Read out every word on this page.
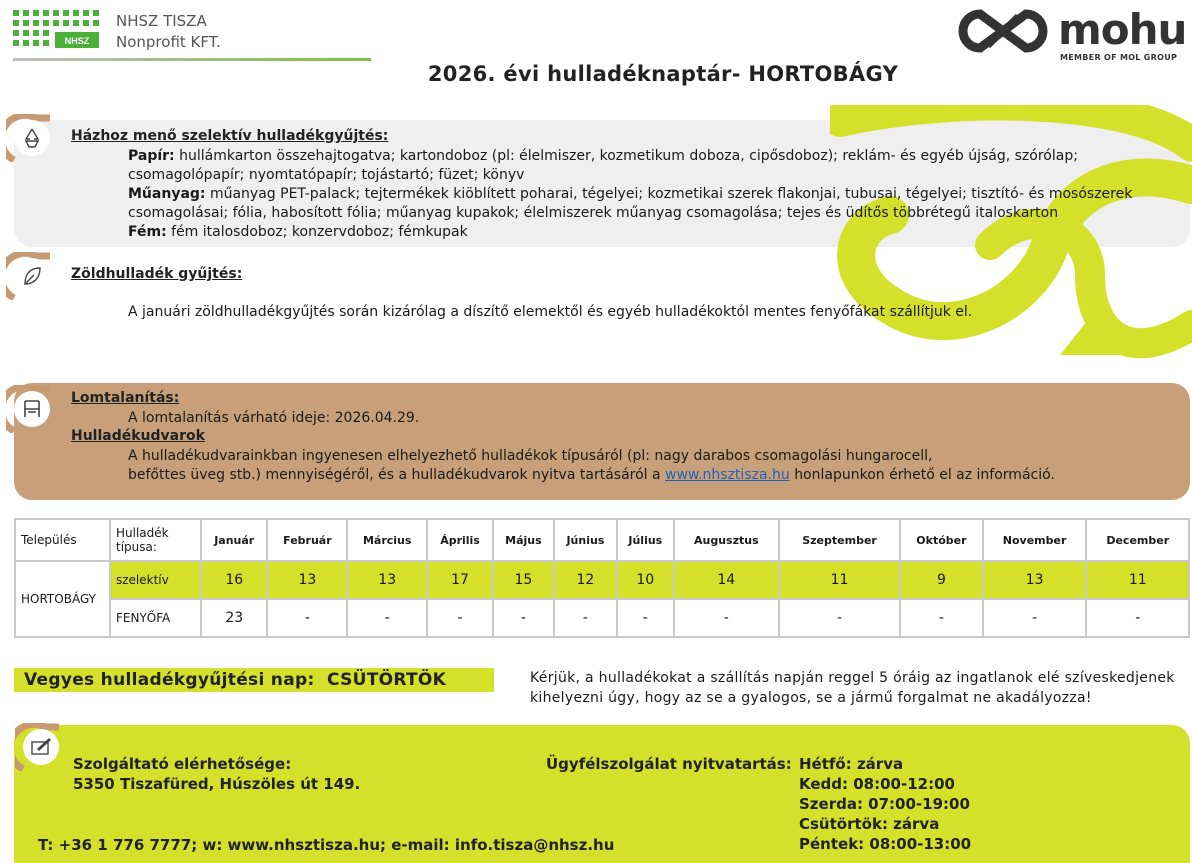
NHSZ
NHSZ TISZA
Nonprofit KFT.	mohu
MEMBER OF MOL GROUP
2026. évi hulladéknaptár- HORTOBÁGY
Házhoz menő szelektív hulladékgyűjtés:
Papír: hullámkarton összehajtogatva; kartondoboz (pl: élelmiszer, kozmetikum doboza, cipősdoboz); reklám- és egyéb újság, szórólap; csomagolópapír; nyomtatópapír; tojástartó; füzet; könyv
Műanyag: műanyag PET-palack; tejtermékek kiöblített poharai, tégelyei; kozmetikai szerek flakonjai, tubusai, tégelyei; tisztító- és mosószerek csomagolásai; fólia, habosított fólia; műanyag kupakok; élelmiszerek műanyag csomagolása; tejes és üdítős többrétegű italoskarton
Fém: fém italosdoboz; konzervdoboz; fémkupak
Zöldhulladék gyűjtés:
A januári zöldhulladékgyűjtés során kizárólag a díszítő elemektől és egyéb hulladékoktól mentes fenyőfákat szállítjuk el.
Lomtalanítás:
A lomtalanítás várható ideje: 2026.04.29.
Hulladékudvarok
A hulladékudvarainkban ingyenesen elhelyezhető hulladékok típusáról (pl: nagy darabos csomagolási hungarocell,
befőttes üveg stb.) mennyiségéről, és a hulladékudvarok nyitva tartásáról a www.nhsztisza.hu honlapunkon érhető el az információ.
Település	Hulladék típusa:	Január	Február	Március	Április	Május	Június	Július	Augusztus	Szeptember	Október	November	December
HORTOBÁGY	szelektív	16	13	13	17	15	12	10	14	11	9	13	11
	FENYŐFA	23	-	-	-	-	-	-	-	-	-	-	-
Vegyes hulladékgyűjtési nap: CSÜTÖRTÖK	Kérjük, a hulladékokat a szállítás napján reggel 5 óráig az ingatlanok elé szíveskedjenek kihelyezni úgy, hogy az se a gyalogos, se a jármű forgalmat ne akadályozza!
Szolgáltató elérhetősége:
5350 Tiszafüred, Húszöles út 149.
T: +36 1 776 7777; w: www.nhsztisza.hu; e-mail: info.tisza@nhsz.hu
Ügyfélszolgálat nyitvatartás: Hétfő: zárva
Kedd: 08:00-12:00
Szerda: 07:00-19:00
Csütörtök: zárva
Péntek: 08:00-13:00
